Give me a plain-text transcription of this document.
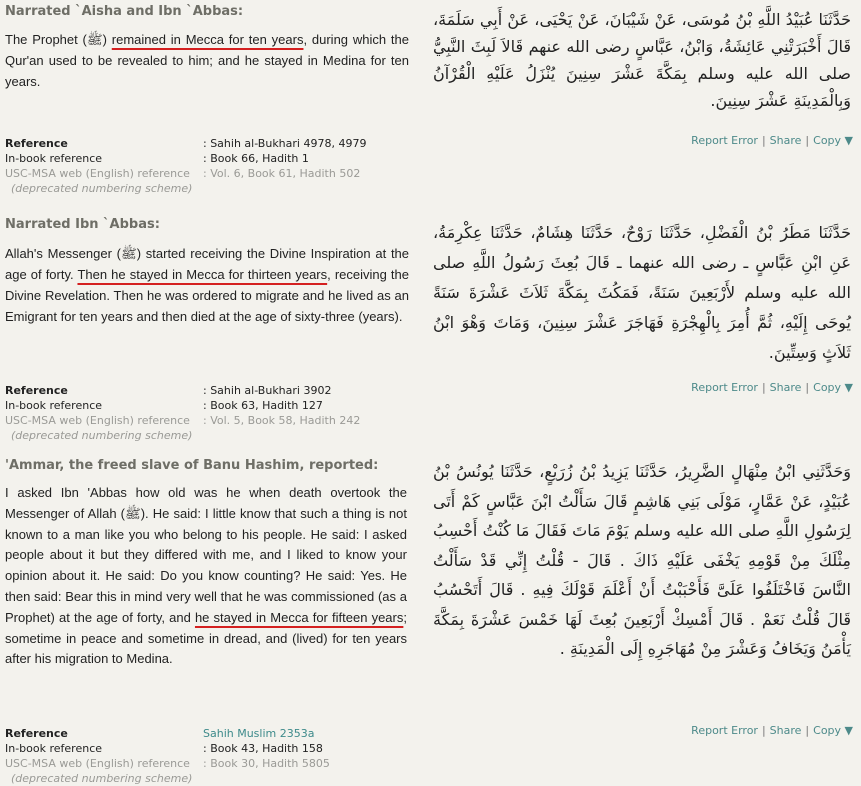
Narrated `Aisha and Ibn `Abbas:
The Prophet (ﷺ) remained in Mecca for ten years, during which the Qur'an used to be revealed to him; and he stayed in Medina for ten years.
حَدَّثَنَا عُبَيْدُ اللَّهِ بْنُ مُوسَى، عَنْ شَيْبَانَ، عَنْ يَحْيَى، عَنْ أَبِي سَلَمَةَ، قَالَ أَخْبَرَتْنِي عَائِشَةُ، وَابْنُ، عَبَّاسٍ رضى الله عنهم قَالاَ لَبِثَ النَّبِيُّ صلى الله عليه وسلم بِمَكَّةَ عَشْرَ سِنِينَ يُنْزَلُ عَلَيْهِ الْقُرْآنُ وَبِالْمَدِينَةِ عَشْرَ سِنِينَ.
Report Error | Share | Copy ▼
Reference	: Sahih al-Bukhari 4978, 4979
In-book reference	: Book 66, Hadith 1
USC-MSA web (English) reference	: Vol. 6, Book 61, Hadith 502
(deprecated numbering scheme)
Narrated Ibn `Abbas:
Allah's Messenger (ﷺ) started receiving the Divine Inspiration at the age of forty. Then he stayed in Mecca for thirteen years, receiving the Divine Revelation. Then he was ordered to migrate and he lived as an Emigrant for ten years and then died at the age of sixty-three (years).
حَدَّثَنَا مَطَرُ بْنُ الْفَضْلِ، حَدَّثَنَا رَوْحٌ، حَدَّثَنَا هِشَامٌ، حَدَّثَنَا عِكْرِمَةُ، عَنِ ابْنِ عَبَّاسٍ ـ رضى الله عنهما ـ قَالَ بُعِثَ رَسُولُ اللَّهِ صلى الله عليه وسلم لأَرْبَعِينَ سَنَةً، فَمَكُثَ بِمَكَّةَ ثَلاَثَ عَشْرَةَ سَنَةً يُوحَى إِلَيْهِ، ثُمَّ أُمِرَ بِالْهِجْرَةِ فَهَاجَرَ عَشْرَ سِنِينَ، وَمَاتَ وَهْوَ ابْنُ ثَلاَثٍ وَسِتِّينَ.
Report Error | Share | Copy ▼
Reference	: Sahih al-Bukhari 3902
In-book reference	: Book 63, Hadith 127
USC-MSA web (English) reference	: Vol. 5, Book 58, Hadith 242
(deprecated numbering scheme)
'Ammar, the freed slave of Banu Hashim, reported:
I asked Ibn 'Abbas how old was he when death overtook the Messenger of Allah (ﷺ). He said: I little know that such a thing is not known to a man like you who belong to his people. He said: I asked people about it but they differed with me, and I liked to know your opinion about it. He said: Do you know counting? He said: Yes. He then said: Bear this in mind very well that he was commissioned (as a Prophet) at the age of forty, and he stayed in Mecca for fifteen years; sometime in peace and sometime in dread, and (lived) for ten years after his migration to Medina.
وَحَدَّثَنِي ابْنُ مِنْهَالٍ الضَّرِيرُ، حَدَّثَنَا يَزِيدُ بْنُ زُرَيْعٍ، حَدَّثَنَا يُونُسُ بْنُ عُبَيْدٍ، عَنْ عَمَّارٍ، مَوْلَى بَنِي هَاشِمٍ قَالَ سَأَلْتُ ابْنَ عَبَّاسٍ كَمْ أَتَى لِرَسُولِ اللَّهِ صلى الله عليه وسلم يَوْمَ مَاتَ فَقَالَ مَا كُنْتُ أَحْسِبُ مِثْلَكَ مِنْ قَوْمِهِ يَخْفَى عَلَيْهِ ذَاكَ ‏.‏ قَالَ - قُلْتُ إِنِّي قَدْ سَأَلْتُ النَّاسَ فَاخْتَلَفُوا عَلَىَّ فَأَحْبَبْتُ أَنْ أَعْلَمَ قَوْلَكَ فِيهِ ‏.‏ قَالَ أَتَحْسُبُ قَالَ قُلْتُ نَعَمْ ‏.‏ قَالَ أَمْسِكْ أَرْبَعِينَ بُعِثَ لَهَا خَمْسَ عَشْرَةَ بِمَكَّةَ يَأْمَنُ وَيَخَافُ وَعَشْرَ مِنْ مُهَاجَرِهِ إِلَى الْمَدِينَةِ ‏.‏
Report Error | Share | Copy ▼
Reference	Sahih Muslim 2353a
In-book reference	: Book 43, Hadith 158
USC-MSA web (English) reference	: Book 30, Hadith 5805
(deprecated numbering scheme)
